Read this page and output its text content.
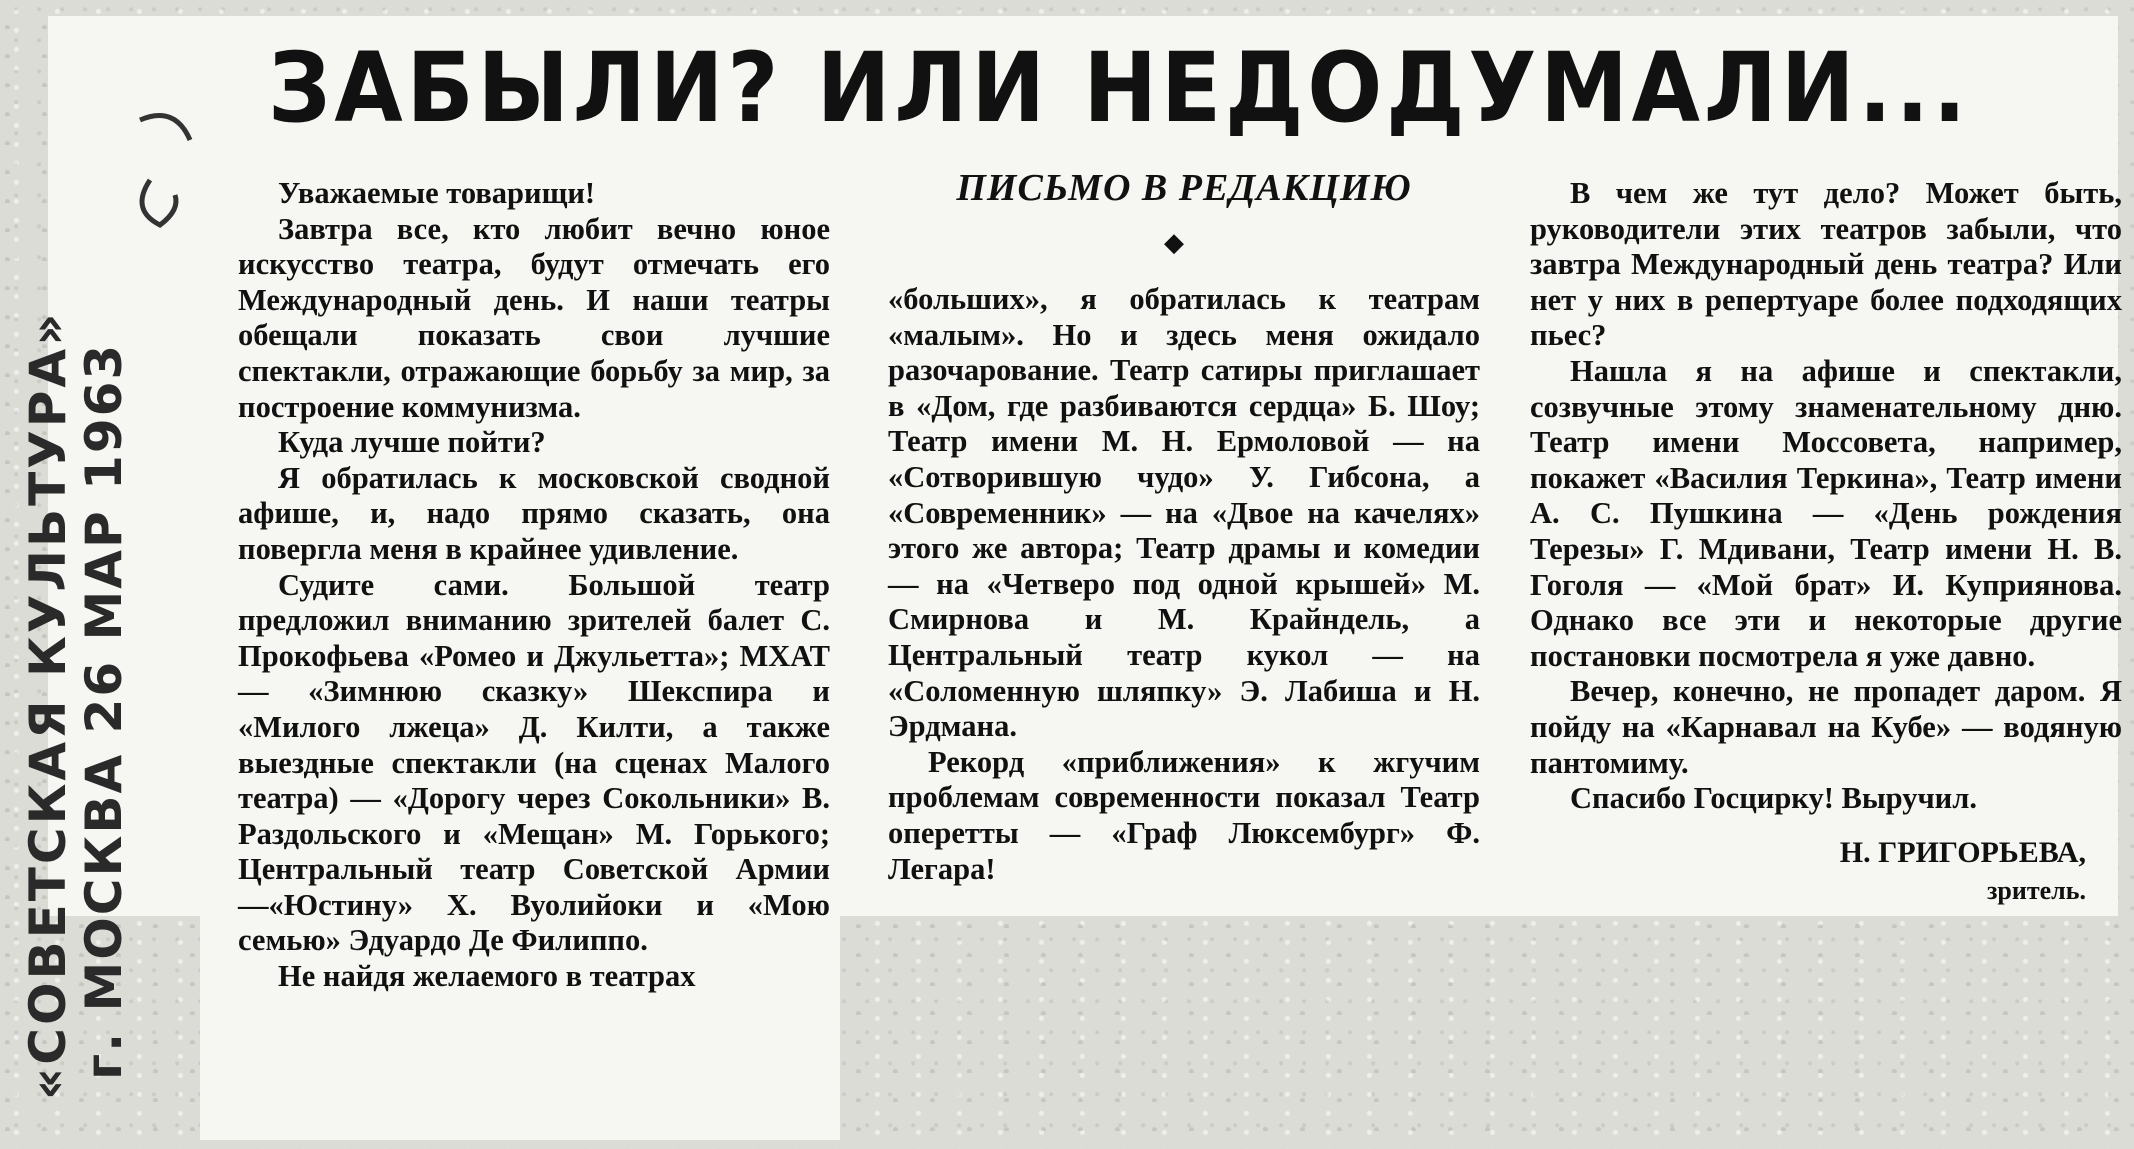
«СОВЕТСКАЯ КУЛЬТУРА»
г. МОСКВА 26 МАР 1963
ЗАБЫЛИ? ИЛИ НЕДОДУМАЛИ...
ПИСЬМО В РЕДАКЦИЮ
◆

Уважаемые товарищи!

Завтра все, кто любит вечно юное искусство театра, будут отмечать его Международный день. И наши театры обещали показать свои лучшие спектакли, отражающие борьбу за мир, за построение коммунизма.

Куда лучше пойти?

Я обратилась к московской сводной афише, и, надо прямо сказать, она повергла меня в крайнее удивление.

Судите сами. Большой театр предложил вниманию зрителей балет С. Прокофьева «Ромео и Джульетта»; МХАТ — «Зимнюю сказку» Шекспира и «Милого лжеца» Д. Килти, а также выездные спектакли (на сценах Малого театра) — «Дорогу через Сокольники» В. Раздольского и «Мещан» М. Горького; Центральный театр Советской Армии—«Юстину» Х. Вуолийоки и «Мою семью» Эдуардо Де Филиппо.

Не найдя желаемого в театрах

«больших», я обратилась к театрам «малым». Но и здесь меня ожидало разочарование. Театр сатиры приглашает в «Дом, где разбиваются сердца» Б. Шоу; Театр имени М. Н. Ермоловой — на «Сотворившую чудо» У. Гибсона, а «Современник» — на «Двое на качелях» этого же автора; Театр драмы и комедии — на «Четверо под одной крышей» М. Смирнова и М. Крайндель, а Центральный театр кукол — на «Соломенную шляпку» Э. Лабиша и Н. Эрдмана.

Рекорд «приближения» к жгучим проблемам современности показал Театр оперетты — «Граф Люксембург» Ф. Легара!

В чем же тут дело? Может быть, руководители этих театров забыли, что завтра Международный день театра? Или нет у них в репертуаре более подходящих пьес?

Нашла я на афише и спектакли, созвучные этому знаменательному дню. Театр имени Моссовета, например, покажет «Василия Теркина», Театр имени А. С. Пушкина — «День рождения Терезы» Г. Мдивани, Театр имени Н. В. Гоголя — «Мой брат» И. Куприянова. Однако все эти и некоторые другие постановки посмотрела я уже давно.

Вечер, конечно, не пропадет даром. Я пойду на «Карнавал на Кубе» — водяную пантомиму.

Спасибо Госцирку! Выручил.

Н. ГРИГОРЬЕВА,
зритель.
